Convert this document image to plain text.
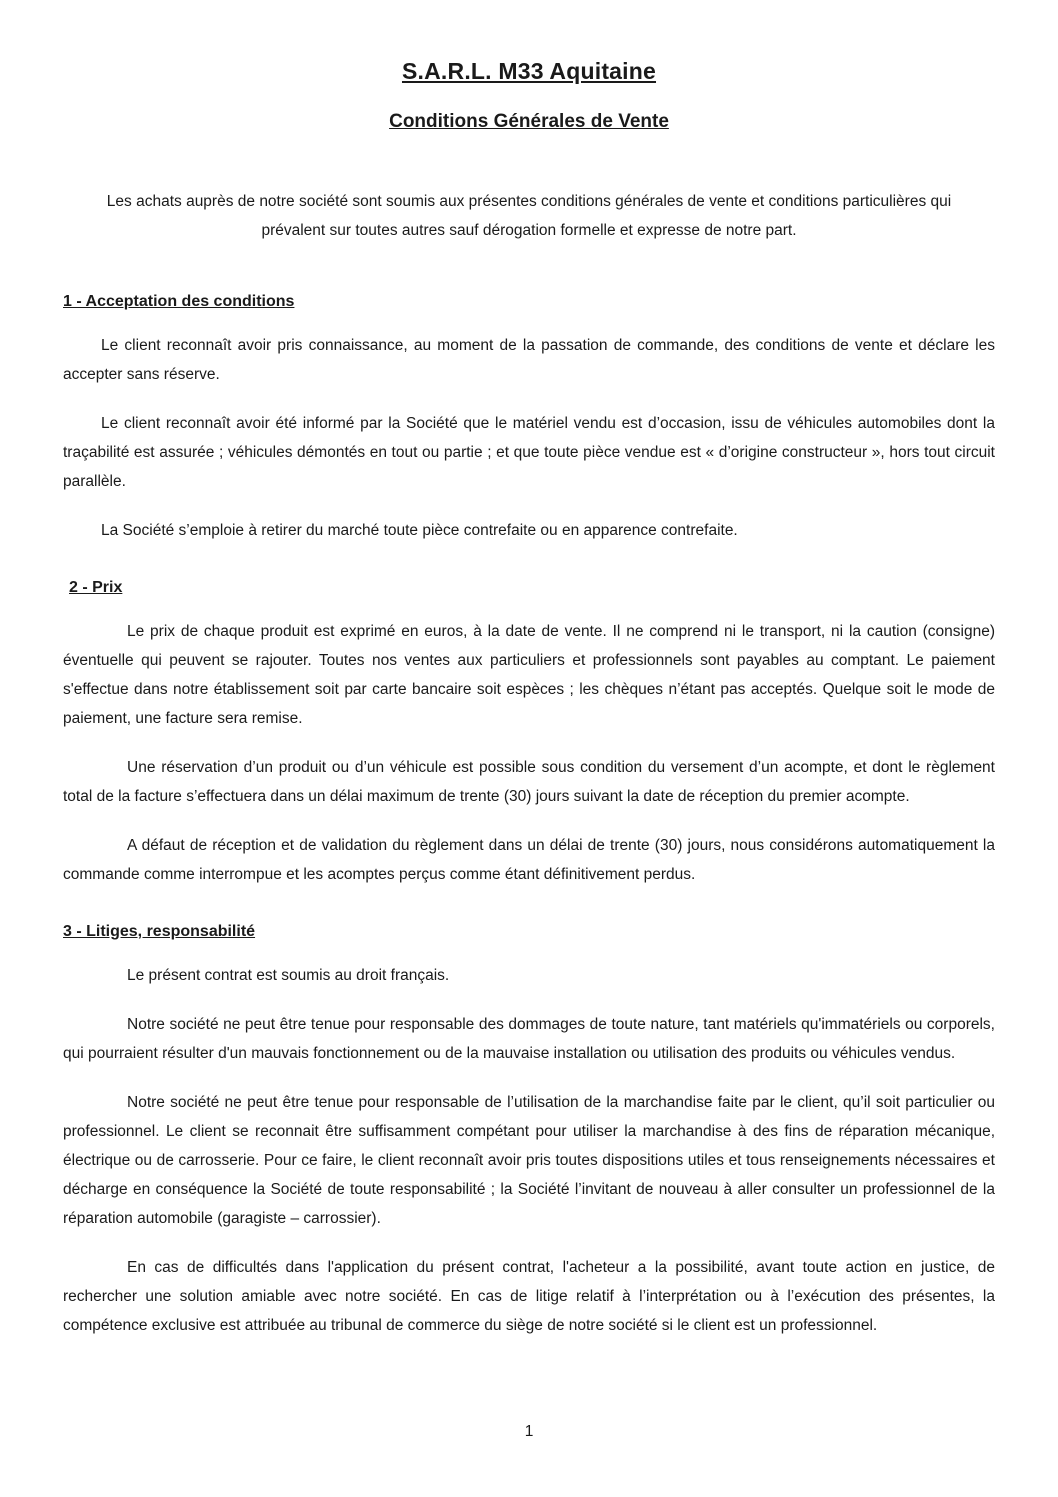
S.A.R.L. M33 Aquitaine
Conditions Générales de Vente

Les achats auprès de notre société sont soumis aux présentes conditions générales de vente et conditions particulières qui prévalent sur toutes autres sauf dérogation formelle et expresse de notre part.

1 - Acceptation des conditions

Le client reconnaît avoir pris connaissance, au moment de la passation de commande, des conditions de vente et déclare les accepter sans réserve.

Le client reconnaît avoir été informé par la Société que le matériel vendu est d’occasion, issu de véhicules automobiles dont la traçabilité est assurée ; véhicules démontés en tout ou partie ; et que toute pièce vendue est « d’origine constructeur », hors tout circuit parallèle.

La Société s’emploie à retirer du marché toute pièce contrefaite ou en apparence contrefaite.

2 - Prix

Le prix de chaque produit est exprimé en euros, à la date de vente. Il ne comprend ni le transport, ni la caution (consigne) éventuelle qui peuvent se rajouter. Toutes nos ventes aux particuliers et professionnels sont payables au comptant. Le paiement s'effectue dans notre établissement soit par carte bancaire soit espèces ; les chèques n’étant pas acceptés. Quelque soit le mode de paiement, une facture sera remise.

Une réservation d’un produit ou d’un véhicule est possible sous condition du versement d’un acompte, et dont le règlement total de la facture s’effectuera dans un délai maximum de trente (30) jours suivant la date de réception du premier acompte.

A défaut de réception et de validation du règlement dans un délai de trente (30) jours, nous considérons automatiquement la commande comme interrompue et les acomptes perçus comme étant définitivement perdus.

3 - Litiges, responsabilité

Le présent contrat est soumis au droit français.

Notre société ne peut être tenue pour responsable des dommages de toute nature, tant matériels qu'immatériels ou corporels, qui pourraient résulter d'un mauvais fonctionnement ou de la mauvaise installation ou utilisation des produits ou véhicules vendus.

Notre société ne peut être tenue pour responsable de l’utilisation de la marchandise faite par le client, qu’il soit particulier ou professionnel. Le client se reconnait être suffisamment compétant pour utiliser la marchandise à des fins de réparation mécanique, électrique ou de carrosserie. Pour ce faire, le client reconnaît avoir pris toutes dispositions utiles et tous renseignements nécessaires et décharge en conséquence la Société de toute responsabilité ; la Société l’invitant de nouveau à aller consulter un professionnel de la réparation automobile (garagiste – carrossier).

En cas de difficultés dans l'application du présent contrat, l'acheteur a la possibilité, avant toute action en justice, de rechercher une solution amiable avec notre société. En cas de litige relatif à l’interprétation ou à l’exécution des présentes, la compétence exclusive est attribuée au tribunal de commerce du siège de notre société si le client est un professionnel.

1
